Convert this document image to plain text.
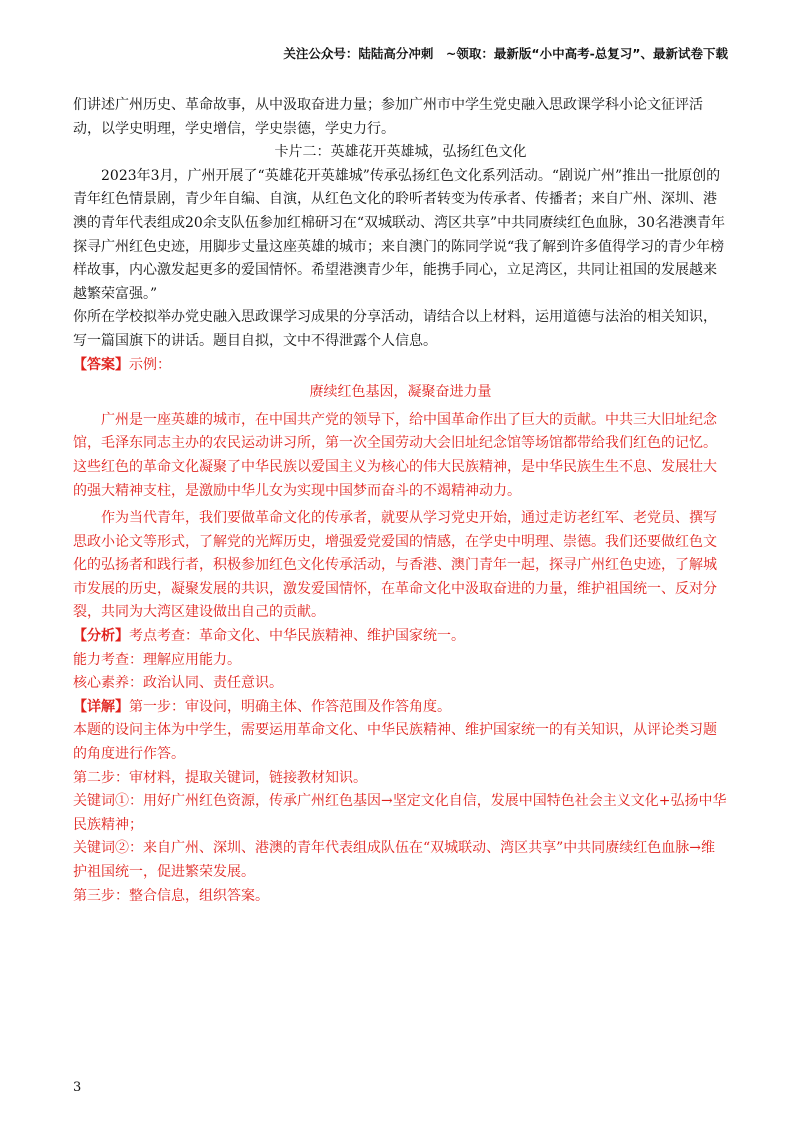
关注公众号：陆陆高分冲刺　~领取：最新版“小中高考-总复习”、最新试卷下载

们讲述广州历史、革命故事，从中汲取奋进力量；参加广州市中学生党史融入思政课学科小论文征评活动，以学史明理，学史增信，学史崇德，学史力行。

卡片二：英雄花开英雄城，弘扬红色文化

2023年3月，广州开展了“英雄花开英雄城”传承弘扬红色文化系列活动。“剧说广州”推出一批原创的青年红色情景剧，青少年自编、自演，从红色文化的聆听者转变为传承者、传播者；来自广州、深圳、港澳的青年代表组成20余支队伍参加红棉研习在“双城联动、湾区共享”中共同赓续红色血脉，30名港澳青年探寻广州红色史迹，用脚步丈量这座英雄的城市；来自澳门的陈同学说“我了解到许多值得学习的青少年榜样故事，内心激发起更多的爱国情怀。希望港澳青少年，能携手同心，立足湾区，共同让祖国的发展越来越繁荣富强。”

你所在学校拟举办党史融入思政课学习成果的分享活动，请结合以上材料，运用道德与法治的相关知识，写一篇国旗下的讲话。题目自拟，文中不得泄露个人信息。

【答案】示例：

赓续红色基因，凝聚奋进力量

广州是一座英雄的城市，在中国共产党的领导下，给中国革命作出了巨大的贡献。中共三大旧址纪念馆，毛泽东同志主办的农民运动讲习所，第一次全国劳动大会旧址纪念馆等场馆都带给我们红色的记忆。这些红色的革命文化凝聚了中华民族以爱国主义为核心的伟大民族精神，是中华民族生生不息、发展壮大的强大精神支柱，是激励中华儿女为实现中国梦而奋斗的不竭精神动力。

作为当代青年，我们要做革命文化的传承者，就要从学习党史开始，通过走访老红军、老党员、撰写思政小论文等形式，了解党的光辉历史，增强爱党爱国的情感，在学史中明理、崇德。我们还要做红色文化的弘扬者和践行者，积极参加红色文化传承活动，与香港、澳门青年一起，探寻广州红色史迹，了解城市发展的历史，凝聚发展的共识，激发爱国情怀，在革命文化中汲取奋进的力量，维护祖国统一、反对分裂，共同为大湾区建设做出自己的贡献。

【分析】考点考查：革命文化、中华民族精神、维护国家统一。

能力考查：理解应用能力。

核心素养：政治认同、责任意识。

【详解】第一步：审设问，明确主体、作答范围及作答角度。

本题的设问主体为中学生，需要运用革命文化、中华民族精神、维护国家统一的有关知识，从评论类习题的角度进行作答。

第二步：审材料，提取关键词，链接教材知识。

关键词①：用好广州红色资源，传承广州红色基因→坚定文化自信，发展中国特色社会主义文化+弘扬中华民族精神；

关键词②：来自广州、深圳、港澳的青年代表组成队伍在“双城联动、湾区共享”中共同赓续红色血脉→维护祖国统一，促进繁荣发展。

第三步：整合信息，组织答案。

3
